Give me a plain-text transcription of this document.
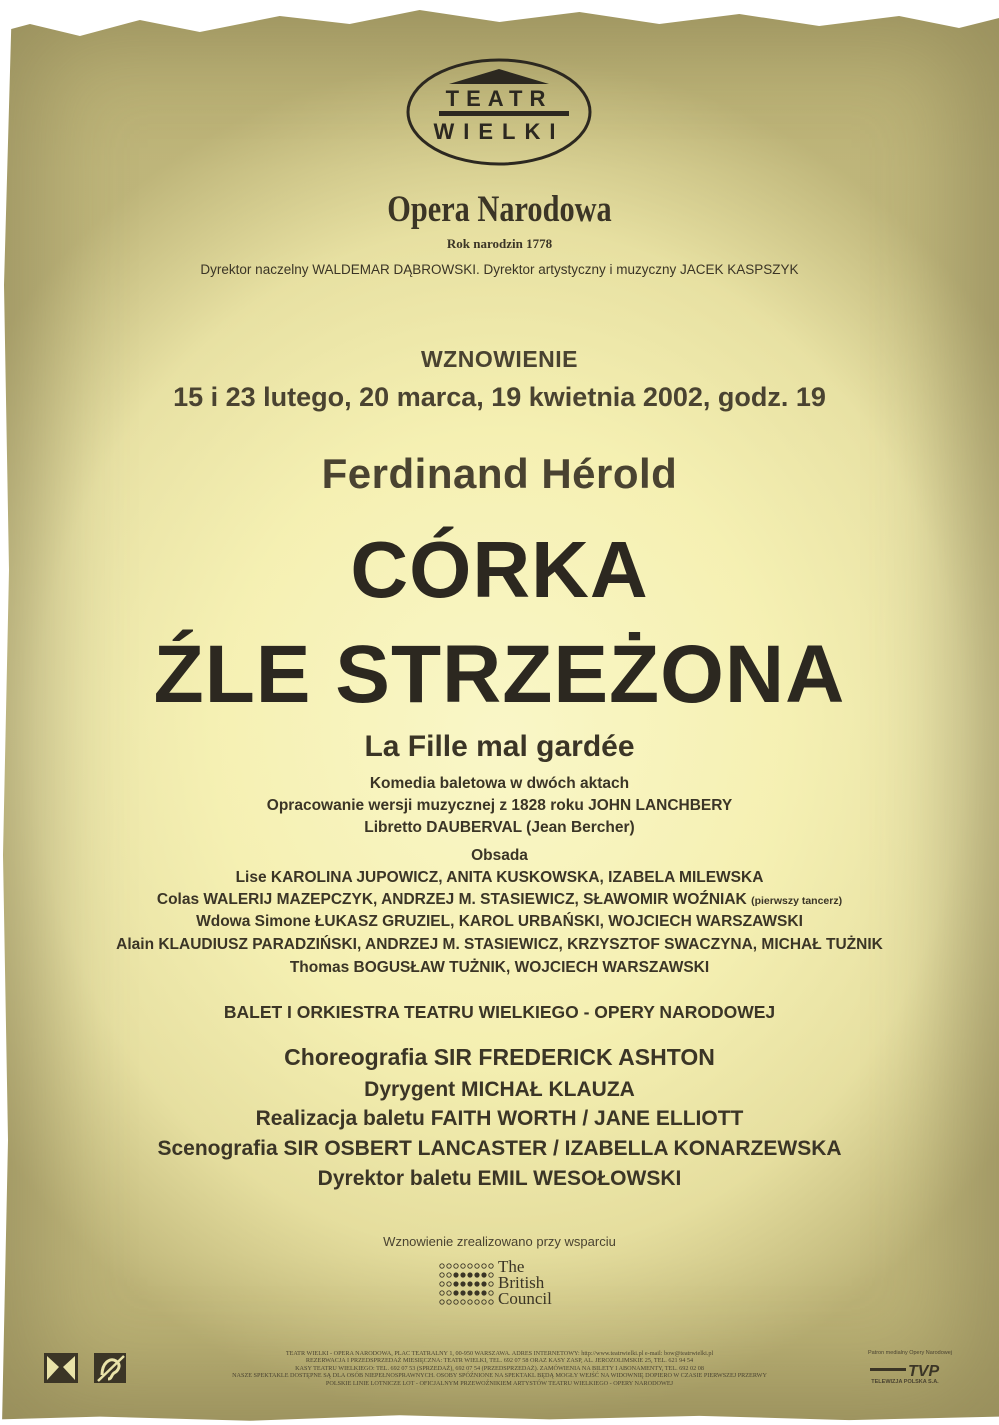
TEATR
WIELKI
Opera Narodowa
Rok narodzin 1778
Dyrektor naczelny WALDEMAR DĄBROWSKI. Dyrektor artystyczny i muzyczny JACEK KASPSZYK
WZNOWIENIE
15 i 23 lutego, 20 marca, 19 kwietnia 2002, godz. 19
Ferdinand Hérold
CÓRKA
ŹLE STRZEŻONA
La Fille mal gardée
Komedia baletowa w dwóch aktach
Opracowanie wersji muzycznej z 1828 roku JOHN LANCHBERY
Libretto DAUBERVAL (Jean Bercher)
Obsada
Lise KAROLINA JUPOWICZ, ANITA KUSKOWSKA, IZABELA MILEWSKA
Colas WALERIJ MAZEPCZYK, ANDRZEJ M. STASIEWICZ, SŁAWOMIR WOŹNIAK (pierwszy tancerz)
Wdowa Simone ŁUKASZ GRUZIEL, KAROL URBAŃSKI, WOJCIECH WARSZAWSKI
Alain KLAUDIUSZ PARADZIŃSKI, ANDRZEJ M. STASIEWICZ, KRZYSZTOF SWACZYNA, MICHAŁ TUŻNIK
Thomas BOGUSŁAW TUŻNIK, WOJCIECH WARSZAWSKI
BALET I ORKIESTRA TEATRU WIELKIEGO - OPERY NARODOWEJ
Choreografia SIR FREDERICK ASHTON
Dyrygent MICHAŁ KLAUZA
Realizacja baletu FAITH WORTH / JANE ELLIOTT
Scenografia SIR OSBERT LANCASTER / IZABELLA KONARZEWSKA
Dyrektor baletu EMIL WESOŁOWSKI
Wznowienie zrealizowano przy wsparciu
The
British
Council
TEATR WIELKI - OPERA NARODOWA, PLAC TEATRALNY 1, 00-950 WARSZAWA. ADRES INTERNETOWY: http://www.teatrwielki.pl e-mail: bow@teatrwielki.pl
REZERWACJA I PRZEDSPRZEDAŻ MIESIĘCZNA: TEATR WIELKI, TEL. 692 07 58 ORAZ KASY ZASP, AL. JEROZOLIMSKIE 25, TEL. 621 94 54
KASY TEATRU WIELKIEGO: TEL. 692 07 53 (SPRZEDAŻ), 692 07 54 (PRZEDSPRZEDAŻ). ZAMÓWIENIA NA BILETY I ABONAMENTY, TEL. 692 02 08
NASZE SPEKTAKLE DOSTĘPNE SĄ DLA OSÓB NIEPEŁNOSPRAWNYCH. OSOBY SPÓŹNIONE NA SPEKTAKL BĘDĄ MOGŁY WEJŚĆ NA WIDOWNIĘ DOPIERO W CZASIE PIERWSZEJ PRZERWY
POLSKIE LINIE LOTNICZE LOT - OFICJALNYM PRZEWOŹNIKIEM ARTYSTÓW TEATRU WIELKIEGO - OPERY NARODOWEJ
Patron medialny Opery Narodowej
TVP
TELEWIZJA POLSKA S.A.
